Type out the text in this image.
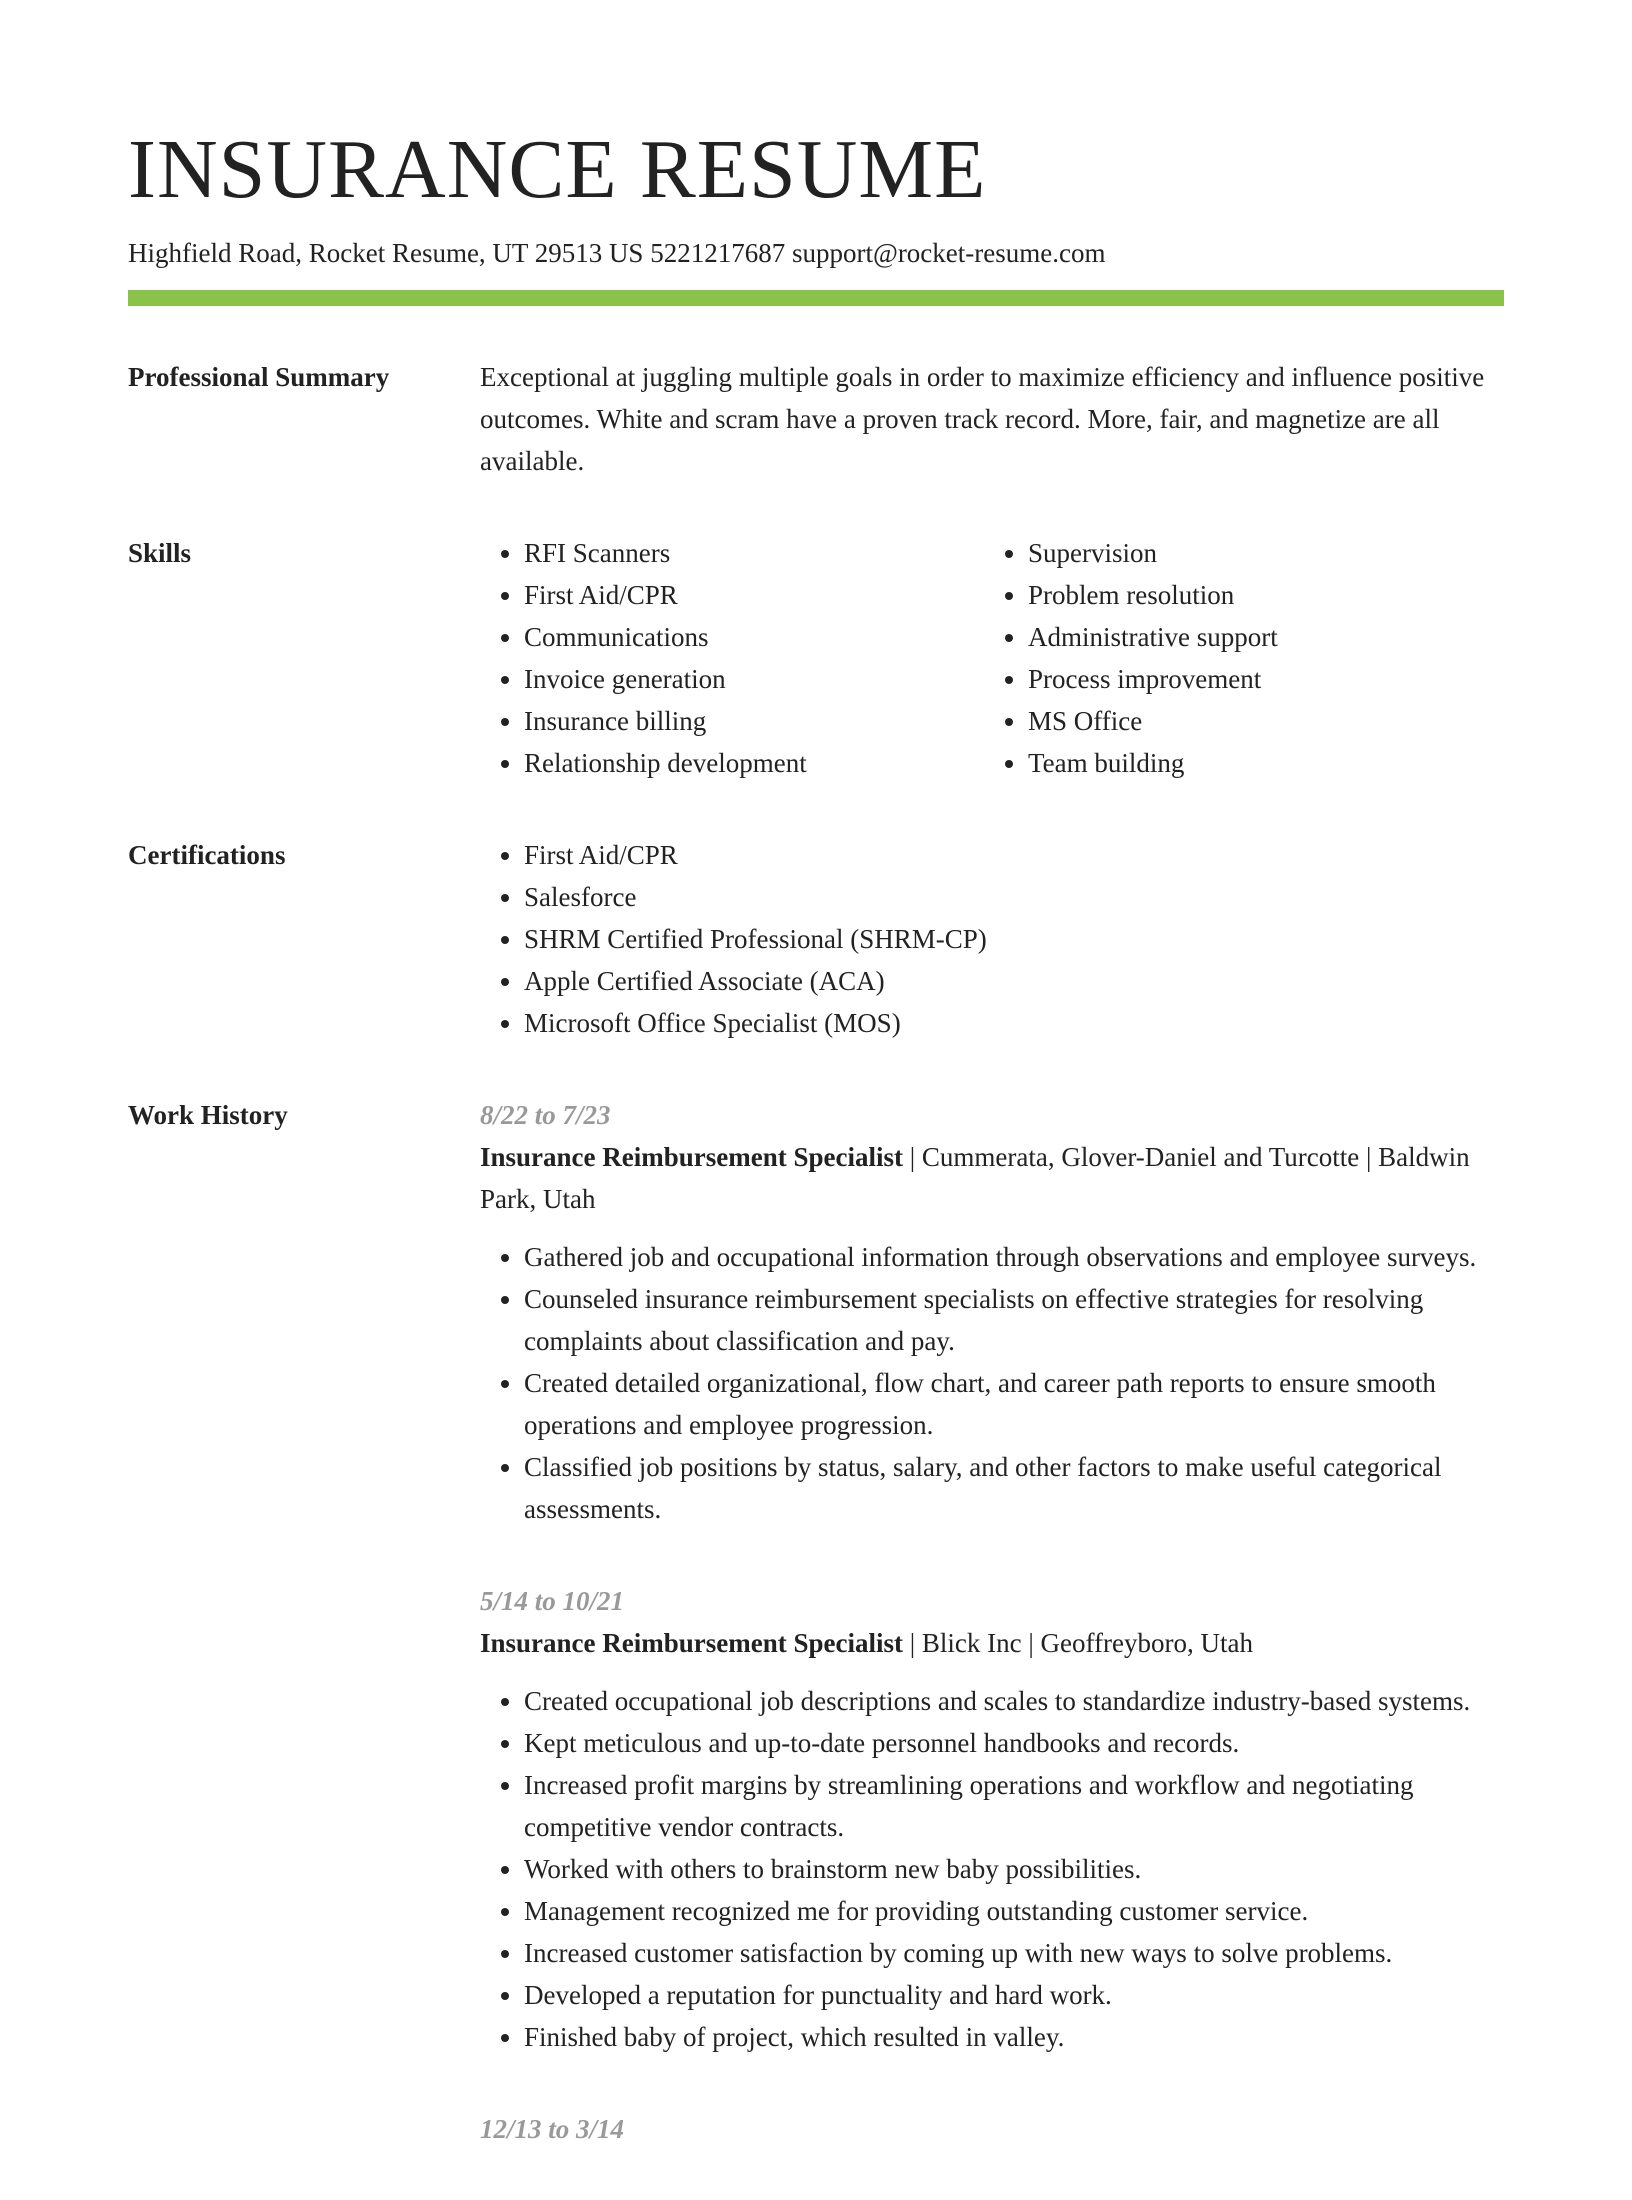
INSURANCE RESUME
Highfield Road, Rocket Resume, UT 29513 US 5221217687 support@rocket-resume.com
Professional Summary	Exceptional at juggling multiple goals in order to maximize efficiency and influence positive outcomes. White and scram have a proven track record. More, fair, and magnetize are all available.

Skills	• RFI Scanners
• First Aid/CPR
• Communications
• Invoice generation
• Insurance billing
• Relationship development
• Supervision
• Problem resolution
• Administrative support
• Process improvement
• MS Office
• Team building
Certifications	• First Aid/CPR
• Salesforce
• SHRM Certified Professional (SHRM-CP)
• Apple Certified Associate (ACA)
• Microsoft Office Specialist (MOS)
Work History	8/22 to 7/23
Insurance Reimbursement Specialist | Cummerata, Glover-Daniel and Turcotte | Baldwin Park, Utah
• Gathered job and occupational information through observations and employee surveys.
• Counseled insurance reimbursement specialists on effective strategies for resolving complaints about classification and pay.
• Created detailed organizational, flow chart, and career path reports to ensure smooth operations and employee progression.
• Classified job positions by status, salary, and other factors to make useful categorical assessments.
5/14 to 10/21
Insurance Reimbursement Specialist | Blick Inc | Geoffreyboro, Utah
• Created occupational job descriptions and scales to standardize industry-based systems.
• Kept meticulous and up-to-date personnel handbooks and records.
• Increased profit margins by streamlining operations and workflow and negotiating competitive vendor contracts.
• Worked with others to brainstorm new baby possibilities.
• Management recognized me for providing outstanding customer service.
• Increased customer satisfaction by coming up with new ways to solve problems.
• Developed a reputation for punctuality and hard work.
• Finished baby of project, which resulted in valley.
12/13 to 3/14
